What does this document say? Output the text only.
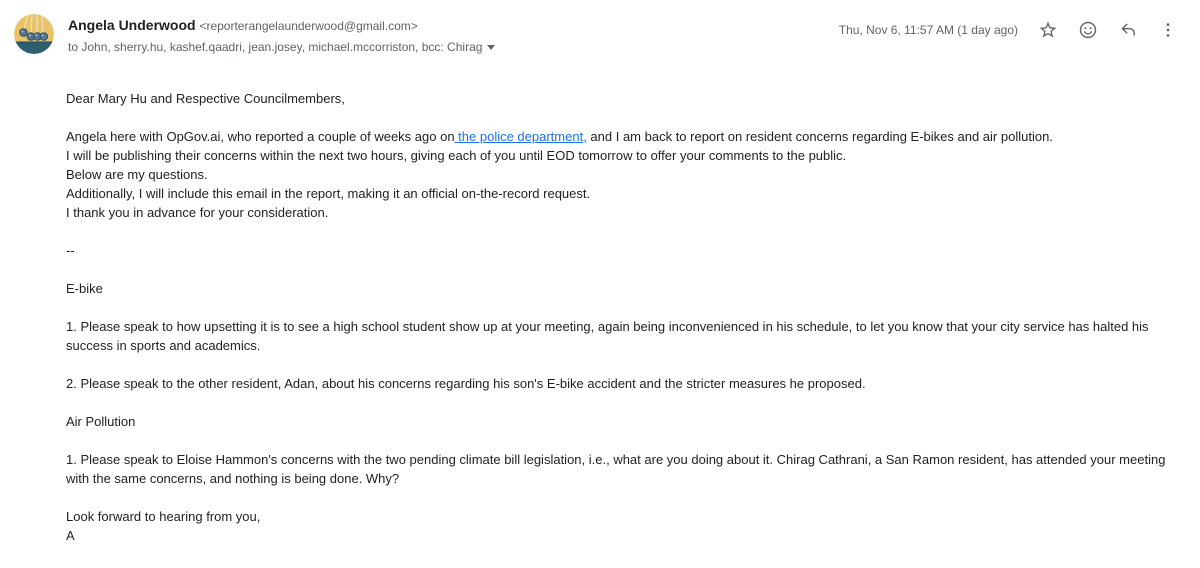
Angela Underwood <reporterangelaunderwood@gmail.com>
to John, sherry.hu, kashef.qaadri, jean.josey, michael.mccorriston, bcc: Chirag
Thu, Nov 6, 11:57 AM (1 day ago)
Dear Mary Hu and Respective Councilmembers,
Angela here with OpGov.ai, who reported a couple of weeks ago on the police department, and I am back to report on resident concerns regarding E-bikes and air pollution.
I will be publishing their concerns within the next two hours, giving each of you until EOD tomorrow to offer your comments to the public.
Below are my questions.
Additionally, I will include this email in the report, making it an official on-the-record request.
I thank you in advance for your consideration.
--
E-bike
1. Please speak to how upsetting it is to see a high school student show up at your meeting, again being inconvenienced in his schedule, to let you know that your city service has halted his success in sports and academics.
2. Please speak to the other resident, Adan, about his concerns regarding his son's E-bike accident and the stricter measures he proposed.
Air Pollution
1. Please speak to Eloise Hammon's concerns with the two pending climate bill legislation, i.e., what are you doing about it. Chirag Cathrani, a San Ramon resident, has attended your meeting with the same concerns, and nothing is being done. Why?
Look forward to hearing from you,
A
